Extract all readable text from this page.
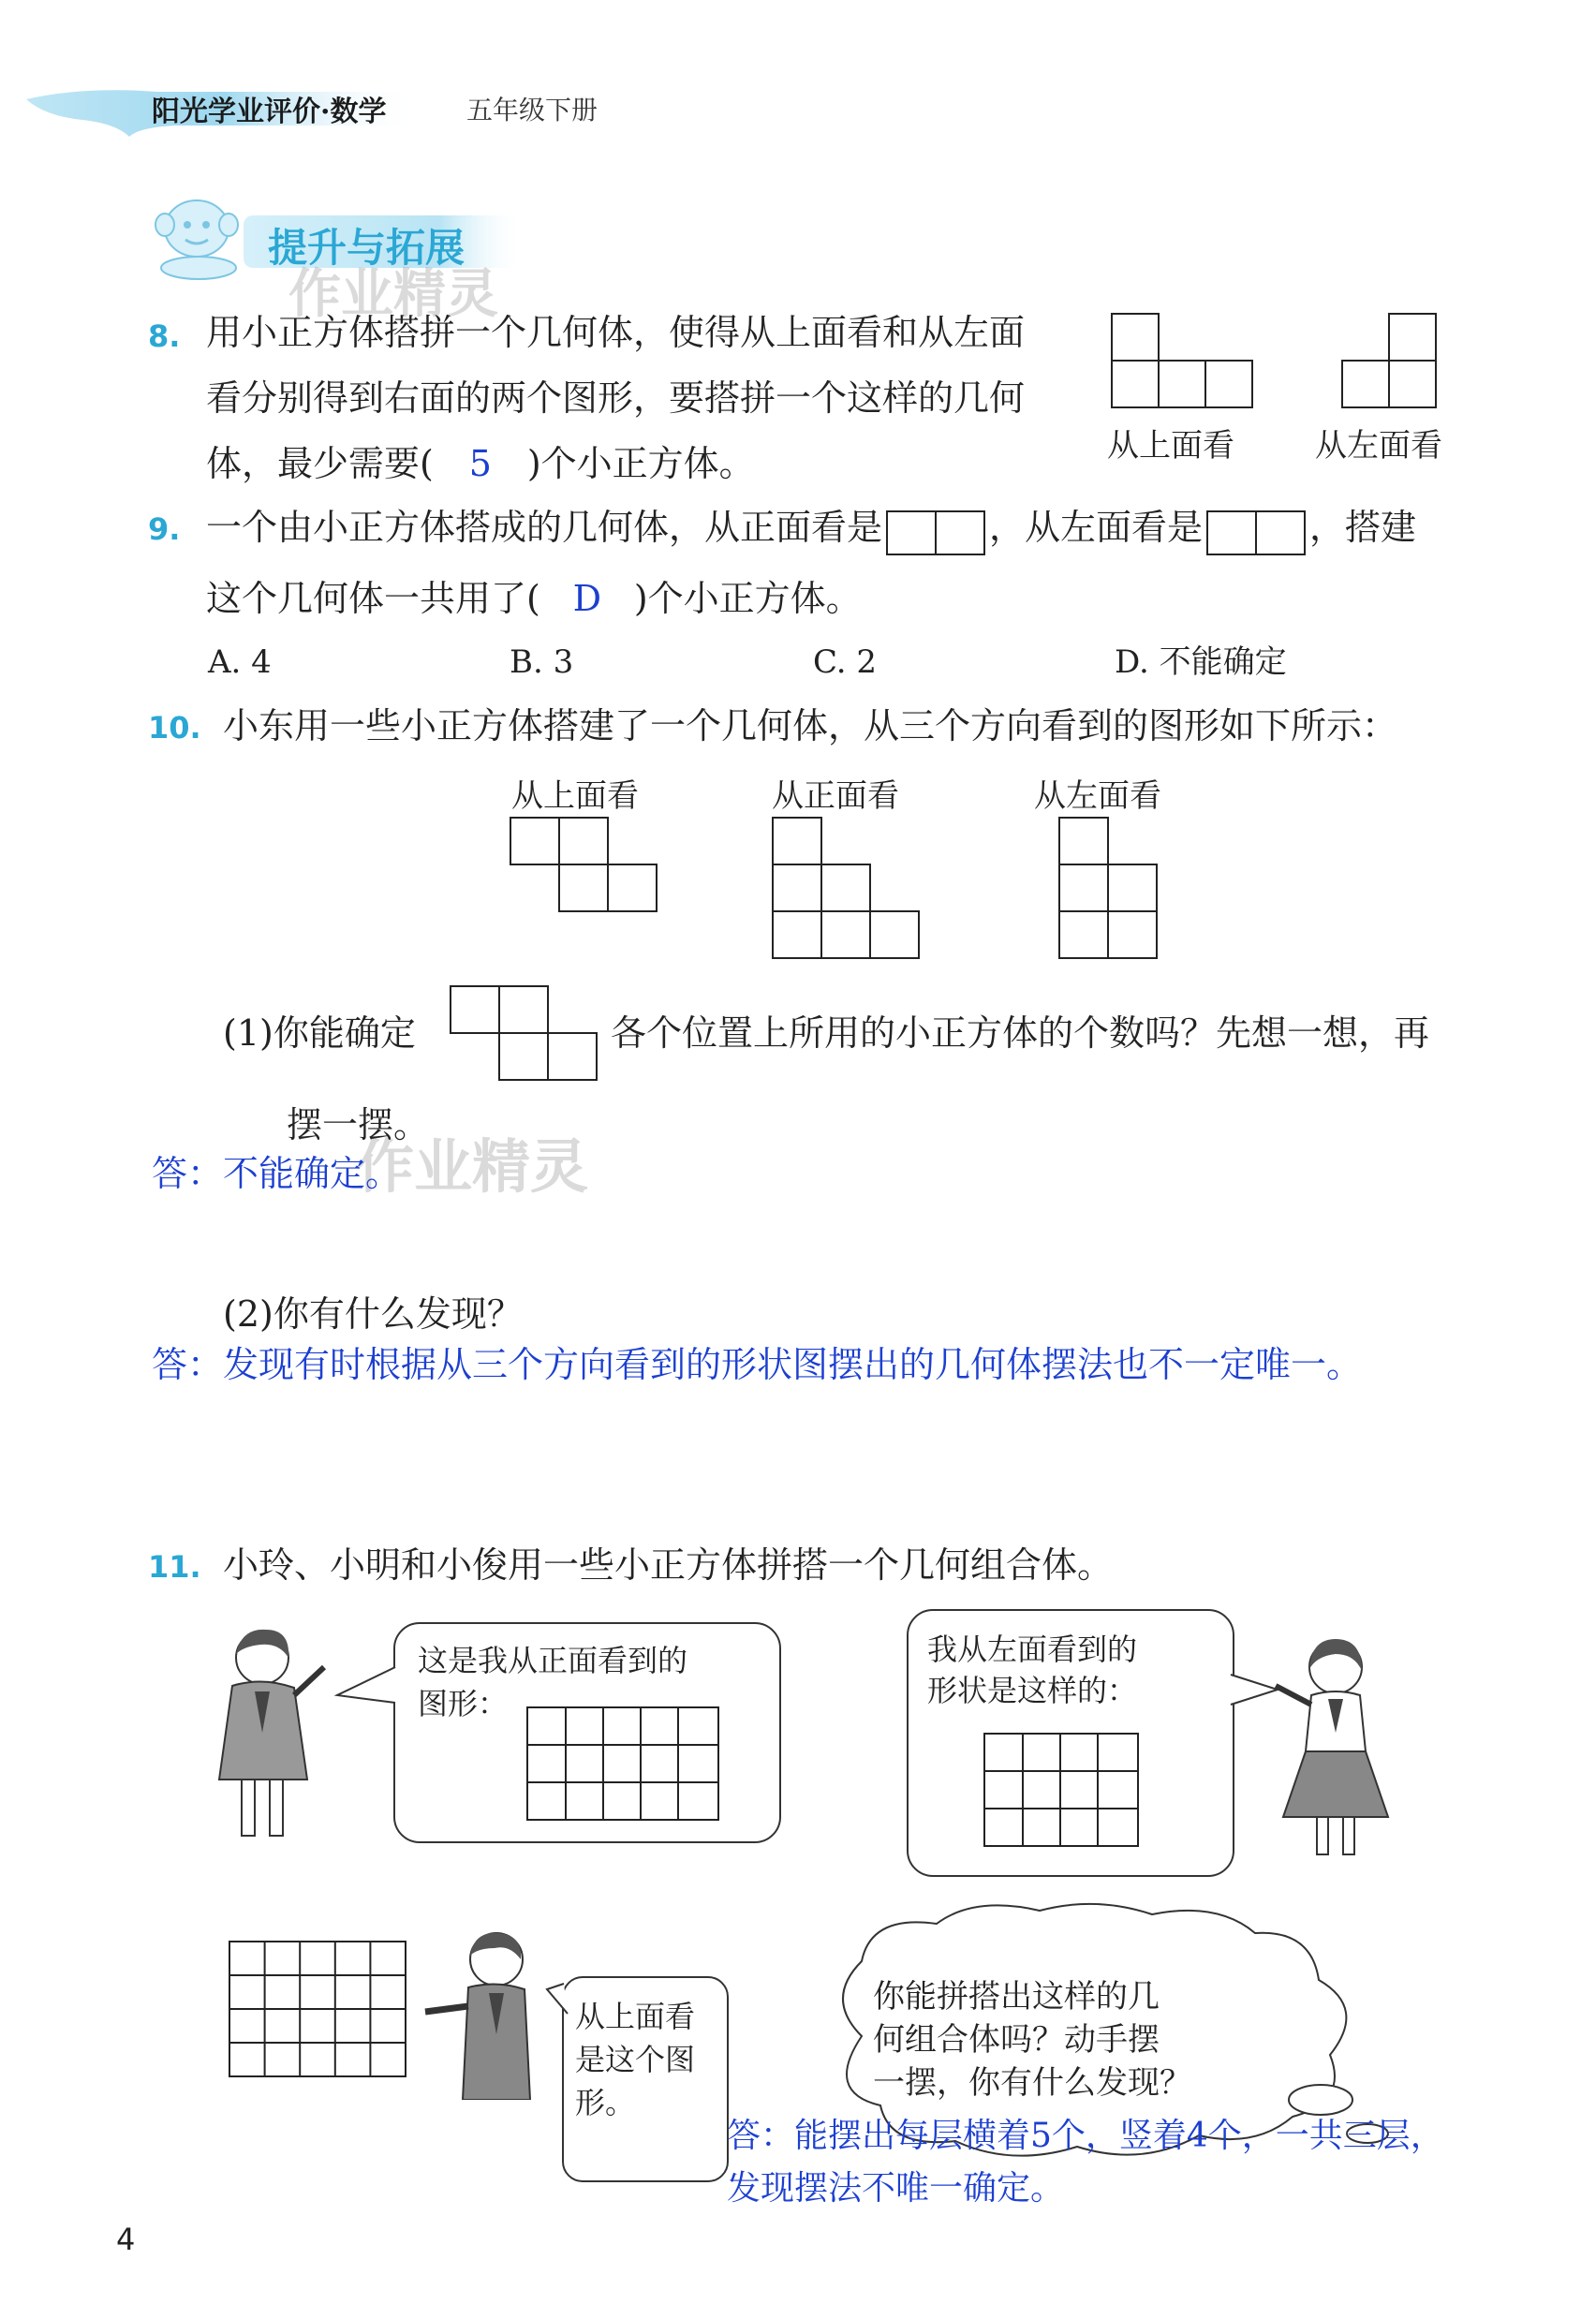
阳光学业评价·数学	五年级下册
提升与拓展
作业精灵
作业精灵
8. 用小正方体搭拼一个几何体，使得从上面看和从左面
看分别得到右面的两个图形，要搭拼一个这样的几何
体，最少需要( 5 )个小正方体。	从上面看	从左面看
9. 一个由小正方体搭成的几何体，从正面看是	，从左面看是	，搭建
这个几何体一共用了( D )个小正方体。
A. 4	B. 3	C. 2	D. 不能确定
10. 小东用一些小正方体搭建了一个几何体，从三个方向看到的图形如下所示：
从上面看	从正面看	从左面看
(1)你能确定	各个位置上所用的小正方体的个数吗？先想一想，再
摆一摆。
答：不能确定。
(2)你有什么发现？
答：发现有时根据从三个方向看到的形状图摆出的几何体摆法也不一定唯一。
11. 小玲、小明和小俊用一些小正方体拼搭一个几何组合体。
这是我从正面看到的
图形：
我从左面看到的
形状是这样的：
从上面看
是这个图
形。
你能拼搭出这样的几
何组合体吗？动手摆
一摆，你有什么发现？
答：能摆出每层横着5个，竖着4个，一共三层，
发现摆法不唯一确定。
4
